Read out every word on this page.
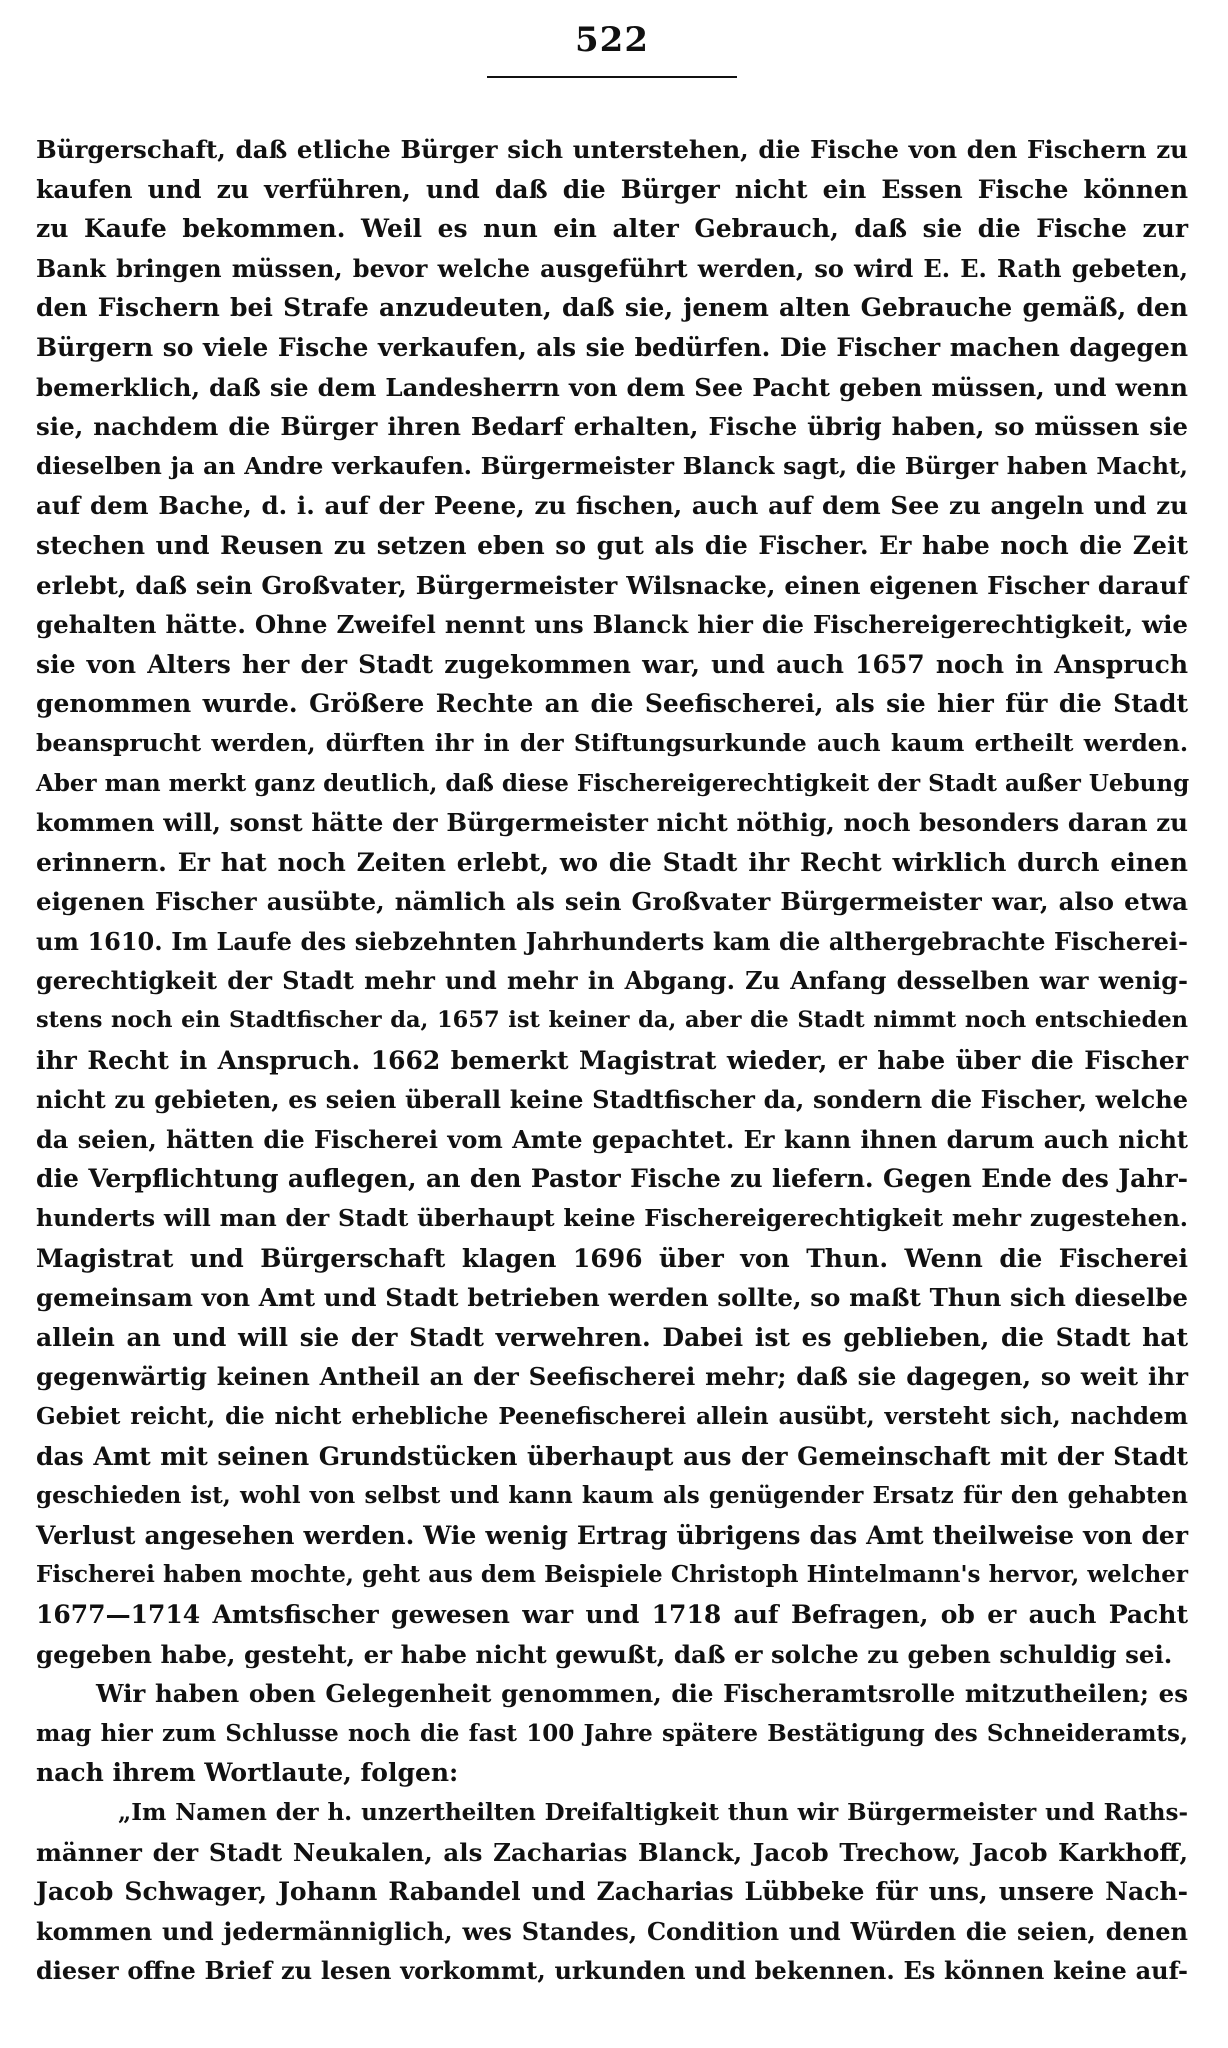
522
Bürgerschaft, daß etliche Bürger sich unterstehen, die Fische von den Fischern zu
kaufen und zu verführen, und daß die Bürger nicht ein Essen Fische können
zu Kaufe bekommen. Weil es nun ein alter Gebrauch, daß sie die Fische zur
Bank bringen müssen, bevor welche ausgeführt werden, so wird E. E. Rath gebeten,
den Fischern bei Strafe anzudeuten, daß sie, jenem alten Gebrauche gemäß, den
Bürgern so viele Fische verkaufen, als sie bedürfen. Die Fischer machen dagegen
bemerklich, daß sie dem Landesherrn von dem See Pacht geben müssen, und wenn
sie, nachdem die Bürger ihren Bedarf erhalten, Fische übrig haben, so müssen sie
dieselben ja an Andre verkaufen. Bürgermeister Blanck sagt, die Bürger haben Macht,
auf dem Bache, d. i. auf der Peene, zu fischen, auch auf dem See zu angeln und zu
stechen und Reusen zu setzen eben so gut als die Fischer. Er habe noch die Zeit
erlebt, daß sein Großvater, Bürgermeister Wilsnacke, einen eigenen Fischer darauf
gehalten hätte. Ohne Zweifel nennt uns Blanck hier die Fischereigerechtigkeit, wie
sie von Alters her der Stadt zugekommen war, und auch 1657 noch in Anspruch
genommen wurde. Größere Rechte an die Seefischerei, als sie hier für die Stadt
beansprucht werden, dürften ihr in der Stiftungsurkunde auch kaum ertheilt werden.
Aber man merkt ganz deutlich, daß diese Fischereigerechtigkeit der Stadt außer Uebung
kommen will, sonst hätte der Bürgermeister nicht nöthig, noch besonders daran zu
erinnern. Er hat noch Zeiten erlebt, wo die Stadt ihr Recht wirklich durch einen
eigenen Fischer ausübte, nämlich als sein Großvater Bürgermeister war, also etwa
um 1610. Im Laufe des siebzehnten Jahrhunderts kam die althergebrachte Fischerei-
gerechtigkeit der Stadt mehr und mehr in Abgang. Zu Anfang desselben war wenig-
stens noch ein Stadtfischer da, 1657 ist keiner da, aber die Stadt nimmt noch entschieden
ihr Recht in Anspruch. 1662 bemerkt Magistrat wieder, er habe über die Fischer
nicht zu gebieten, es seien überall keine Stadtfischer da, sondern die Fischer, welche
da seien, hätten die Fischerei vom Amte gepachtet. Er kann ihnen darum auch nicht
die Verpflichtung auflegen, an den Pastor Fische zu liefern. Gegen Ende des Jahr-
hunderts will man der Stadt überhaupt keine Fischereigerechtigkeit mehr zugestehen.
Magistrat und Bürgerschaft klagen 1696 über von Thun. Wenn die Fischerei
gemeinsam von Amt und Stadt betrieben werden sollte, so maßt Thun sich dieselbe
allein an und will sie der Stadt verwehren. Dabei ist es geblieben, die Stadt hat
gegenwärtig keinen Antheil an der Seefischerei mehr; daß sie dagegen, so weit ihr
Gebiet reicht, die nicht erhebliche Peenefischerei allein ausübt, versteht sich, nachdem
das Amt mit seinen Grundstücken überhaupt aus der Gemeinschaft mit der Stadt
geschieden ist, wohl von selbst und kann kaum als genügender Ersatz für den gehabten
Verlust angesehen werden. Wie wenig Ertrag übrigens das Amt theilweise von der
Fischerei haben mochte, geht aus dem Beispiele Christoph Hintelmann's hervor, welcher
1677—1714 Amtsfischer gewesen war und 1718 auf Befragen, ob er auch Pacht
gegeben habe, gesteht, er habe nicht gewußt, daß er solche zu geben schuldig sei.
Wir haben oben Gelegenheit genommen, die Fischeramtsrolle mitzutheilen; es
mag hier zum Schlusse noch die fast 100 Jahre spätere Bestätigung des Schneideramts,
nach ihrem Wortlaute, folgen:
„Im Namen der h. unzertheilten Dreifaltigkeit thun wir Bürgermeister und Raths-
männer der Stadt Neukalen, als Zacharias Blanck, Jacob Trechow, Jacob Karkhoff,
Jacob Schwager, Johann Rabandel und Zacharias Lübbeke für uns, unsere Nach-
kommen und jedermänniglich, wes Standes, Condition und Würden die seien, denen
dieser offne Brief zu lesen vorkommt, urkunden und bekennen. Es können keine auf-
